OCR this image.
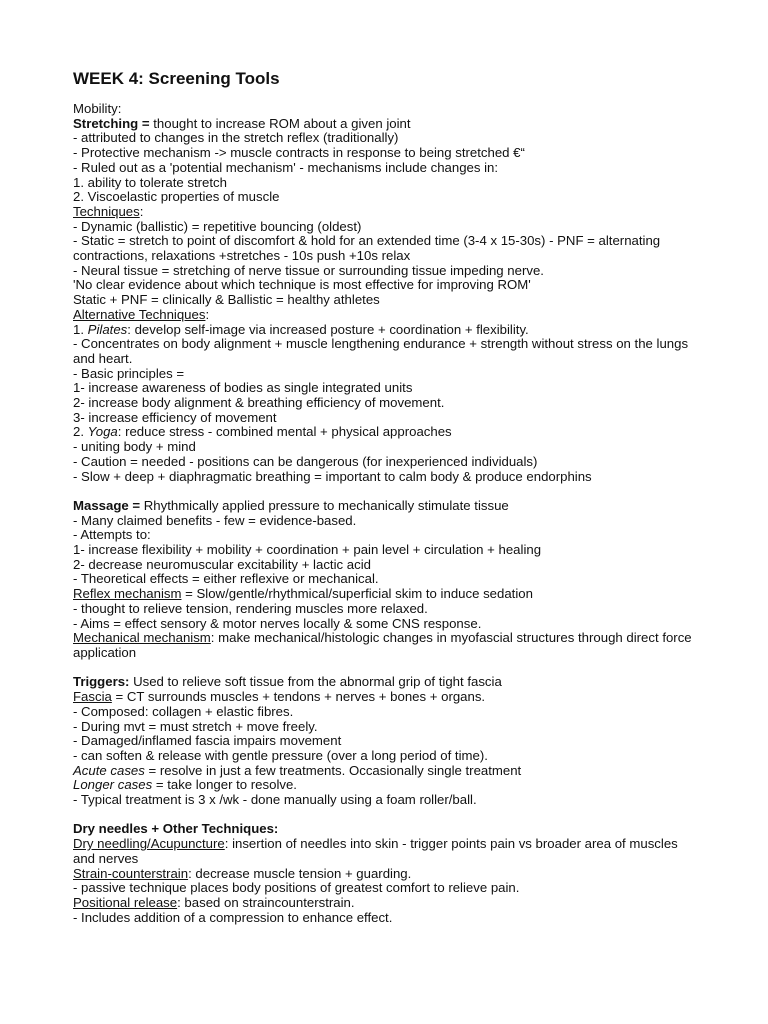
WEEK 4: Screening Tools
Mobility:
Stretching = thought to increase ROM about a given joint
- attributed to changes in the stretch reflex (traditionally)
- Protective mechanism -> muscle contracts in response to being stretched €“
- Ruled out as a 'potential mechanism' - mechanisms include changes in:
1. ability to tolerate stretch
2. Viscoelastic properties of muscle
Techniques:
- Dynamic (ballistic) = repetitive bouncing (oldest)
- Static = stretch to point of discomfort & hold for an extended time (3-4 x 15-30s) - PNF = alternating contractions, relaxations +stretches - 10s push +10s relax
- Neural tissue = stretching of nerve tissue or surrounding tissue impeding nerve.
'No clear evidence about which technique is most effective for improving ROM'
Static + PNF = clinically & Ballistic = healthy athletes
Alternative Techniques:
1. Pilates: develop self-image via increased posture + coordination + flexibility.
- Concentrates on body alignment + muscle lengthening endurance + strength without stress on the lungs and heart.
- Basic principles =
1- increase awareness of bodies as single integrated units
2- increase body alignment & breathing efficiency of movement.
3- increase efficiency of movement
2. Yoga: reduce stress - combined mental + physical approaches
- uniting body + mind
- Caution = needed - positions can be dangerous (for inexperienced individuals)
- Slow + deep + diaphragmatic breathing = important to calm body & produce endorphins
Massage = Rhythmically applied pressure to mechanically stimulate tissue
- Many claimed benefits - few = evidence-based.
- Attempts to:
1- increase flexibility + mobility + coordination + pain level + circulation + healing
2- decrease neuromuscular excitability + lactic acid
- Theoretical effects = either reflexive or mechanical.
Reflex mechanism = Slow/gentle/rhythmical/superficial skim to induce sedation
- thought to relieve tension, rendering muscles more relaxed.
- Aims = effect sensory & motor nerves locally & some CNS response.
Mechanical mechanism: make mechanical/histologic changes in myofascial structures through direct force application
Triggers: Used to relieve soft tissue from the abnormal grip of tight fascia
Fascia = CT surrounds muscles + tendons + nerves + bones + organs.
- Composed: collagen + elastic fibres.
- During mvt = must stretch + move freely.
- Damaged/inflamed fascia impairs movement
- can soften & release with gentle pressure (over a long period of time).
Acute cases = resolve in just a few treatments. Occasionally single treatment
Longer cases = take longer to resolve.
- Typical treatment is 3 x /wk - done manually using a foam roller/ball.
Dry needles + Other Techniques:
Dry needling/Acupuncture: insertion of needles into skin - trigger points pain vs broader area of muscles and nerves
Strain-counterstrain: decrease muscle tension + guarding.
- passive technique places body positions of greatest comfort to relieve pain.
Positional release: based on straincounterstrain.
- Includes addition of a compression to enhance effect.
